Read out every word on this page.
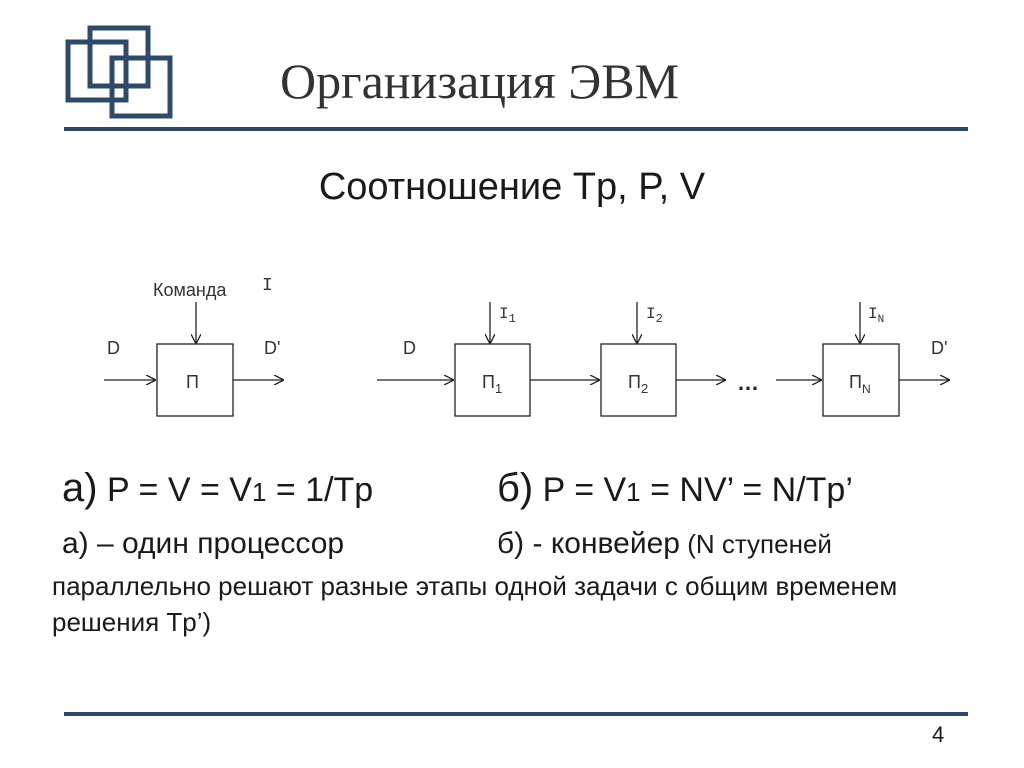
Организация ЭВМ
Соотношение Tp, P, V
Команда I
D
П
D'	D
$I_1$
$П_1$
$I_2$
$П_2$	…
$I_N$
$П_N$
D'
а) P = V = V1 = 1/Tp	б) P = V1 = NV’ = N/Tp’
а) – один процессор	б) - конвейер (N ступеней
параллельно решают разные этапы одной задачи с общим временем решения Tp’)
4
